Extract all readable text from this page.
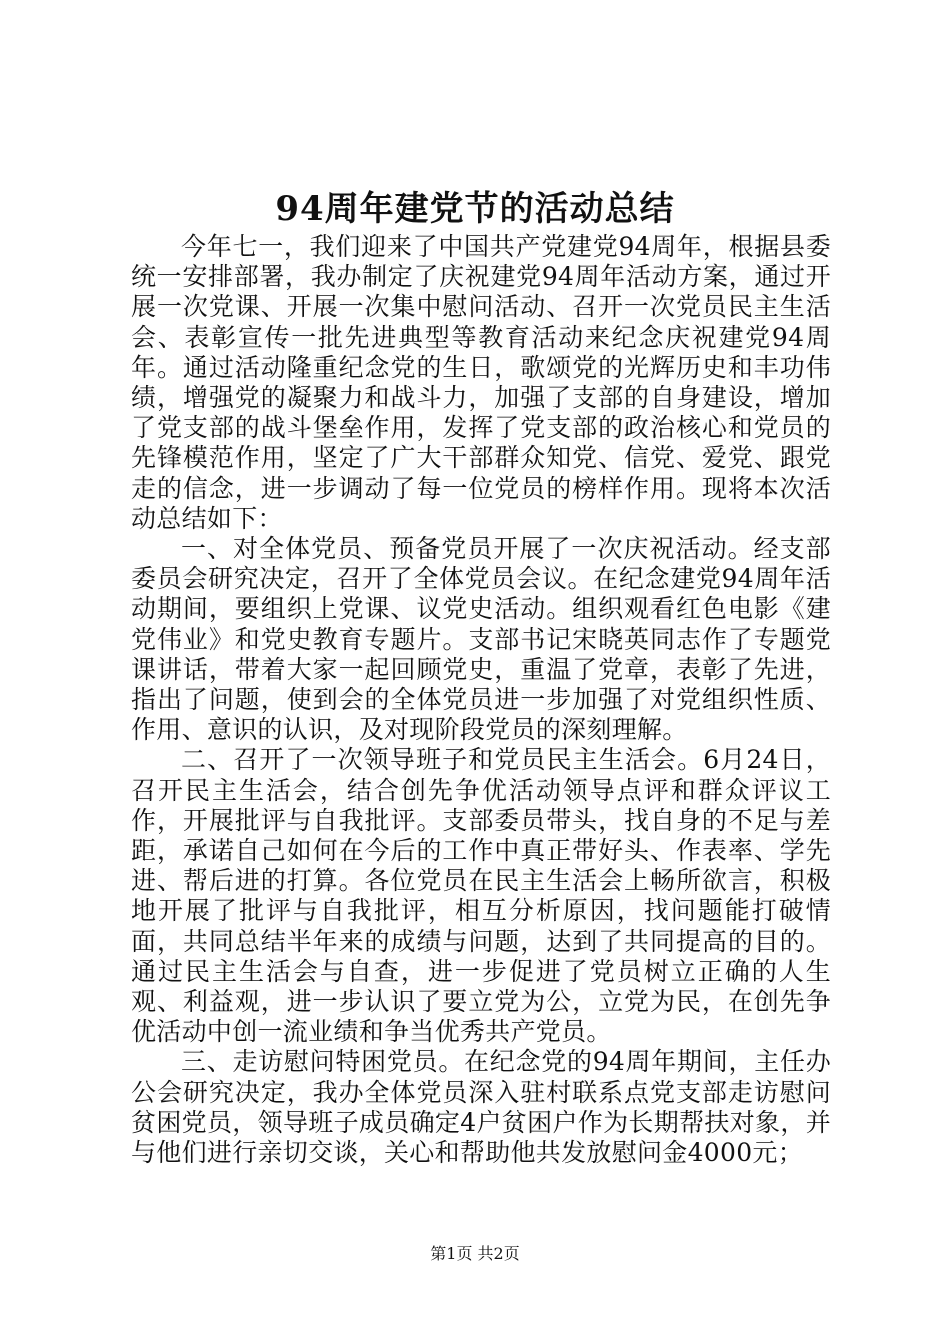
94周年建党节的活动总结

今年七一，我们迎来了中国共产党建党94周年，根据县委统一安排部署，我办制定了庆祝建党94周年活动方案，通过开展一次党课、开展一次集中慰问活动、召开一次党员民主生活会、表彰宣传一批先进典型等教育活动来纪念庆祝建党94周年。通过活动隆重纪念党的生日，歌颂党的光辉历史和丰功伟绩，增强党的凝聚力和战斗力，加强了支部的自身建设，增加了党支部的战斗堡垒作用，发挥了党支部的政治核心和党员的先锋模范作用，坚定了广大干部群众知党、信党、爱党、跟党走的信念，进一步调动了每一位党员的榜样作用。现将本次活动总结如下：

一、对全体党员、预备党员开展了一次庆祝活动。经支部委员会研究决定，召开了全体党员会议。在纪念建党94周年活动期间，要组织上党课、议党史活动。组织观看红色电影《建党伟业》和党史教育专题片。支部书记宋晓英同志作了专题党课讲话，带着大家一起回顾党史，重温了党章，表彰了先进，指出了问题，使到会的全体党员进一步加强了对党组织性质、作用、意识的认识，及对现阶段党员的深刻理解。

二、召开了一次领导班子和党员民主生活会。6月24日，召开民主生活会，结合创先争优活动领导点评和群众评议工作，开展批评与自我批评。支部委员带头，找自身的不足与差距，承诺自己如何在今后的工作中真正带好头、作表率、学先进、帮后进的打算。各位党员在民主生活会上畅所欲言，积极地开展了批评与自我批评，相互分析原因，找问题能打破情面，共同总结半年来的成绩与问题，达到了共同提高的目的。通过民主生活会与自查，进一步促进了党员树立正确的人生观、利益观，进一步认识了要立党为公，立党为民，在创先争优活动中创一流业绩和争当优秀共产党员。

三、走访慰问特困党员。在纪念党的94周年期间，主任办公会研究决定，我办全体党员深入驻村联系点党支部走访慰问贫困党员，领导班子成员确定4户贫困户作为长期帮扶对象，并与他们进行亲切交谈，关心和帮助他共发放慰问金4000元；

第1页 共2页
